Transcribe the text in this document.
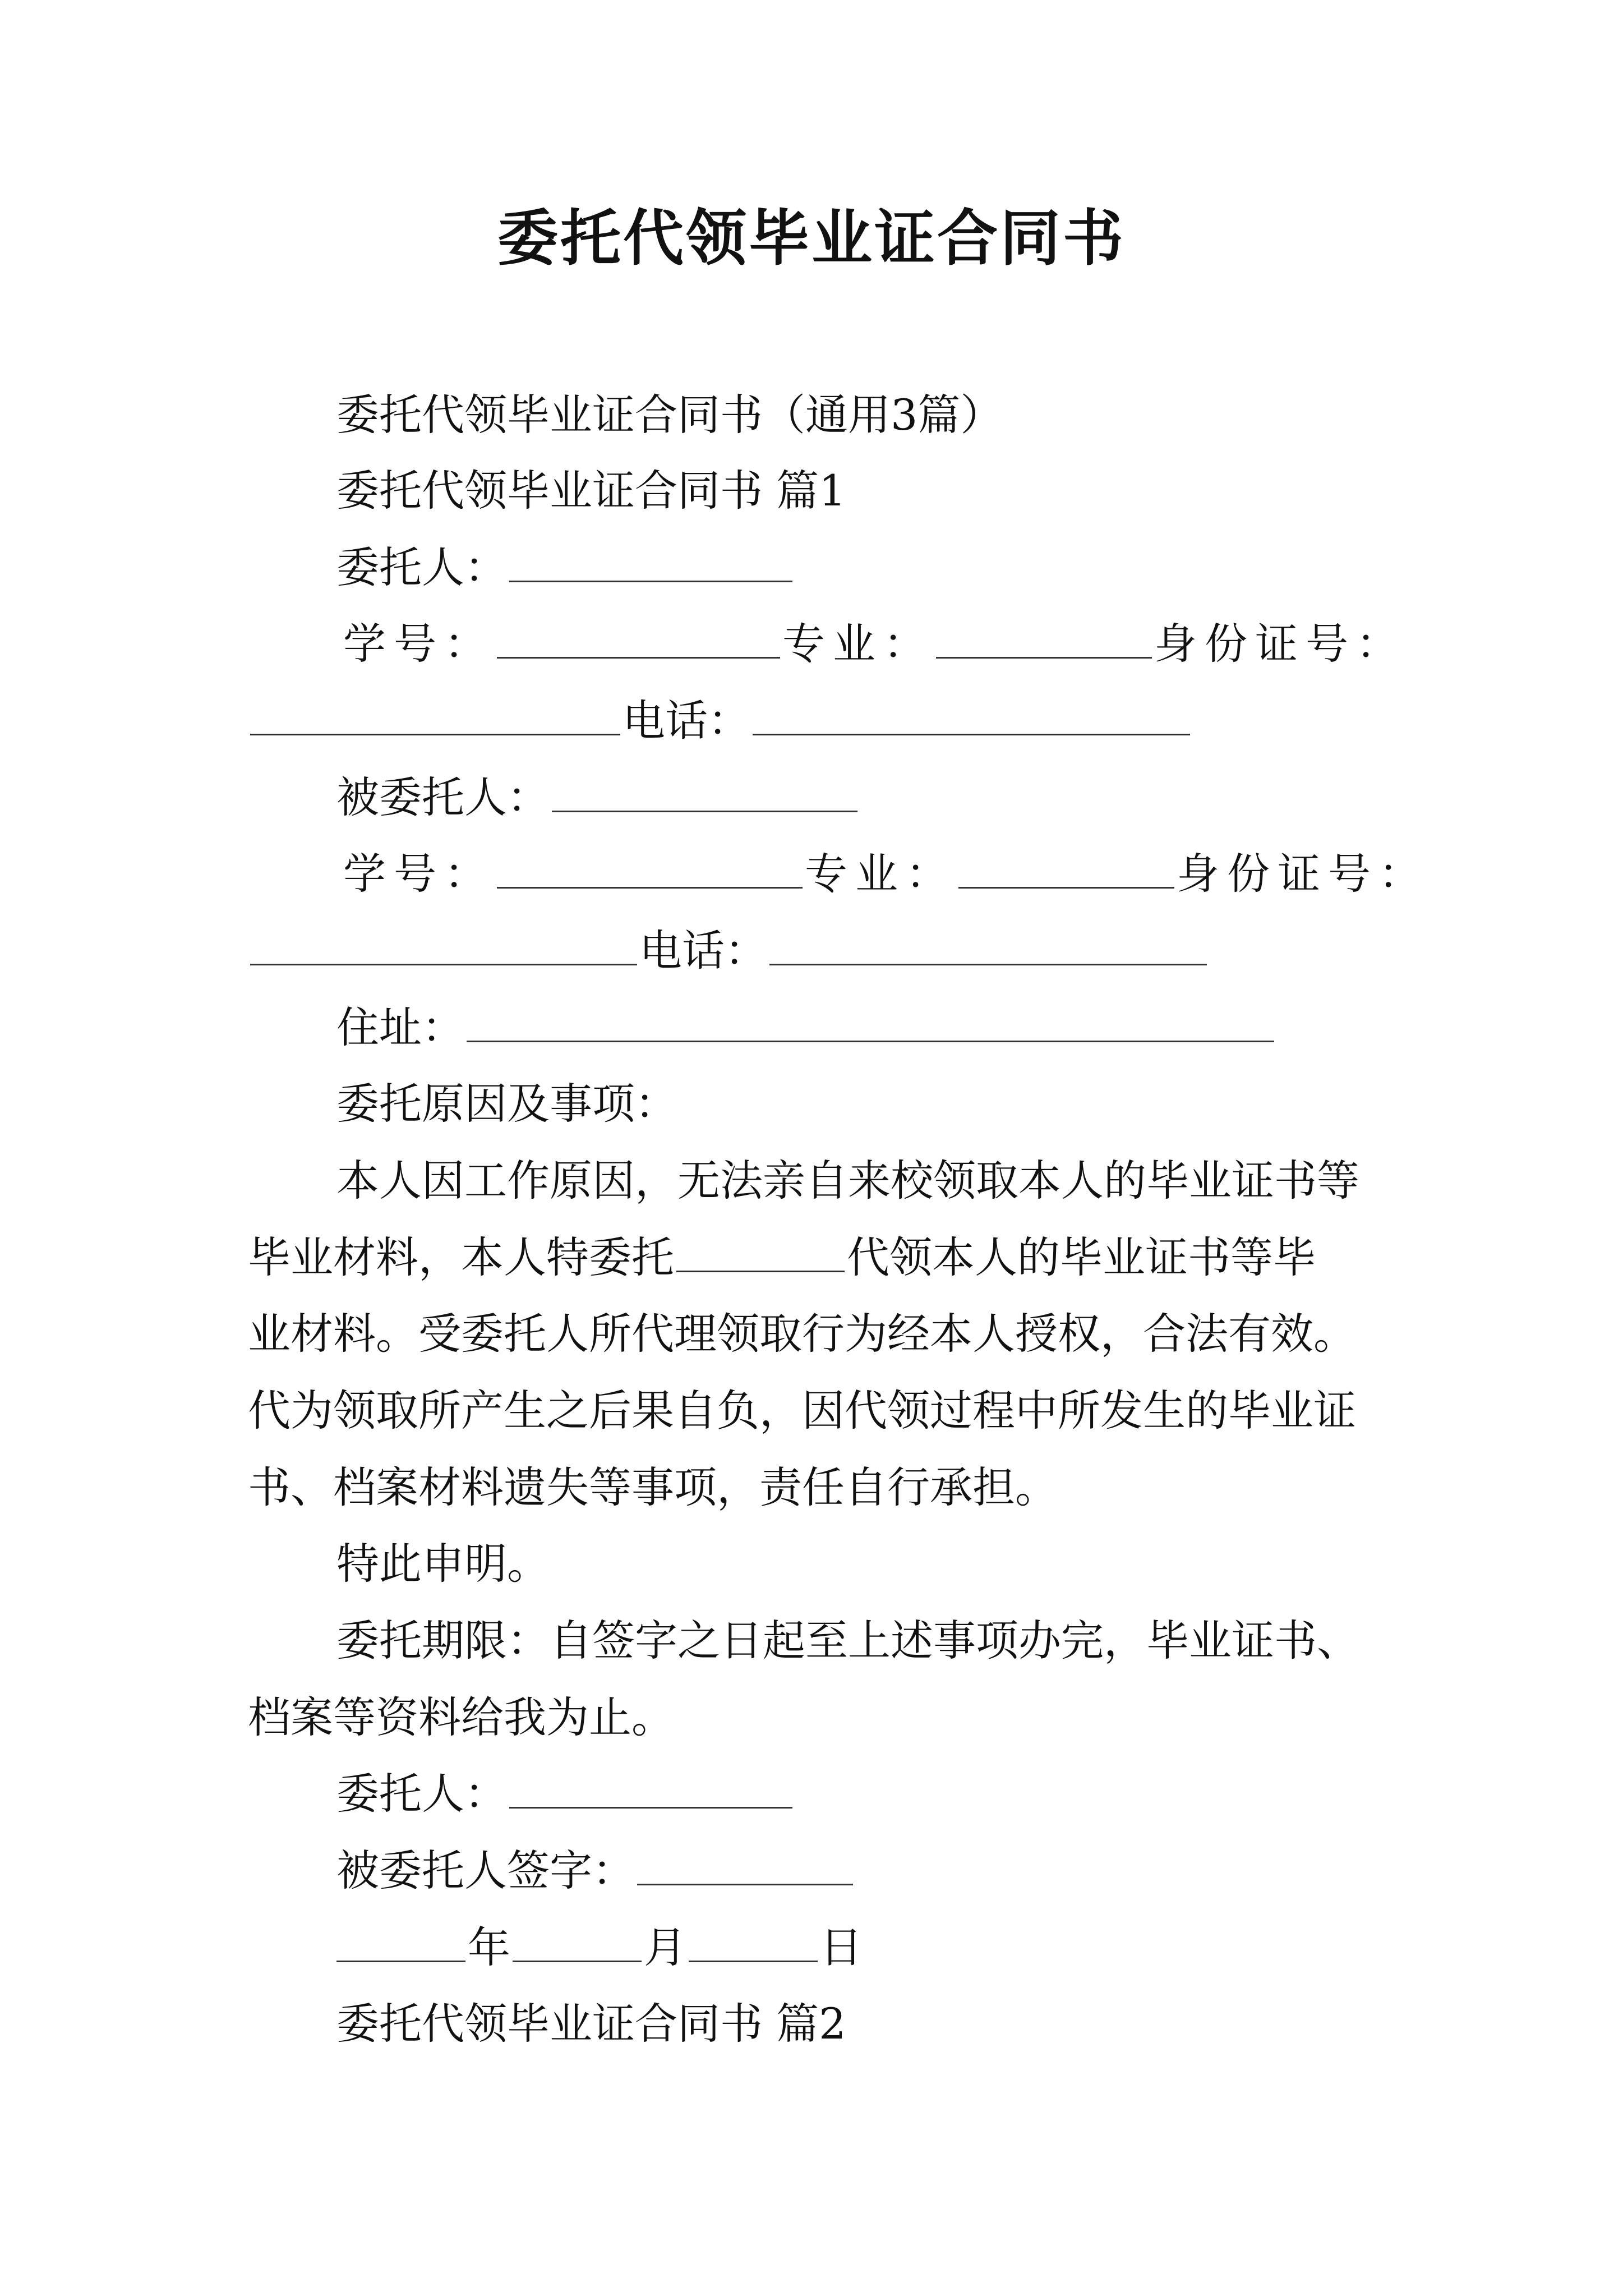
委托代领毕业证合同书
委托代领毕业证合同书（通用3篇）
委托代领毕业证合同书 篇1
委托人：
学号：	专业：	身份证号：
电话：
被委托人：
学号：	专业：	身份证号：
电话：
住址：
委托原因及事项：
本人因工作原因，无法亲自来校领取本人的毕业证书等
毕业材料，本人特委托	代领本人的毕业证书等毕
业材料。受委托人所代理领取行为经本人授权，合法有效。
代为领取所产生之后果自负，因代领过程中所发生的毕业证
书、档案材料遗失等事项，责任自行承担。
特此申明。
委托期限：自签字之日起至上述事项办完，毕业证书、
档案等资料给我为止。
委托人：
被委托人签字：
年	月	日
委托代领毕业证合同书 篇2
